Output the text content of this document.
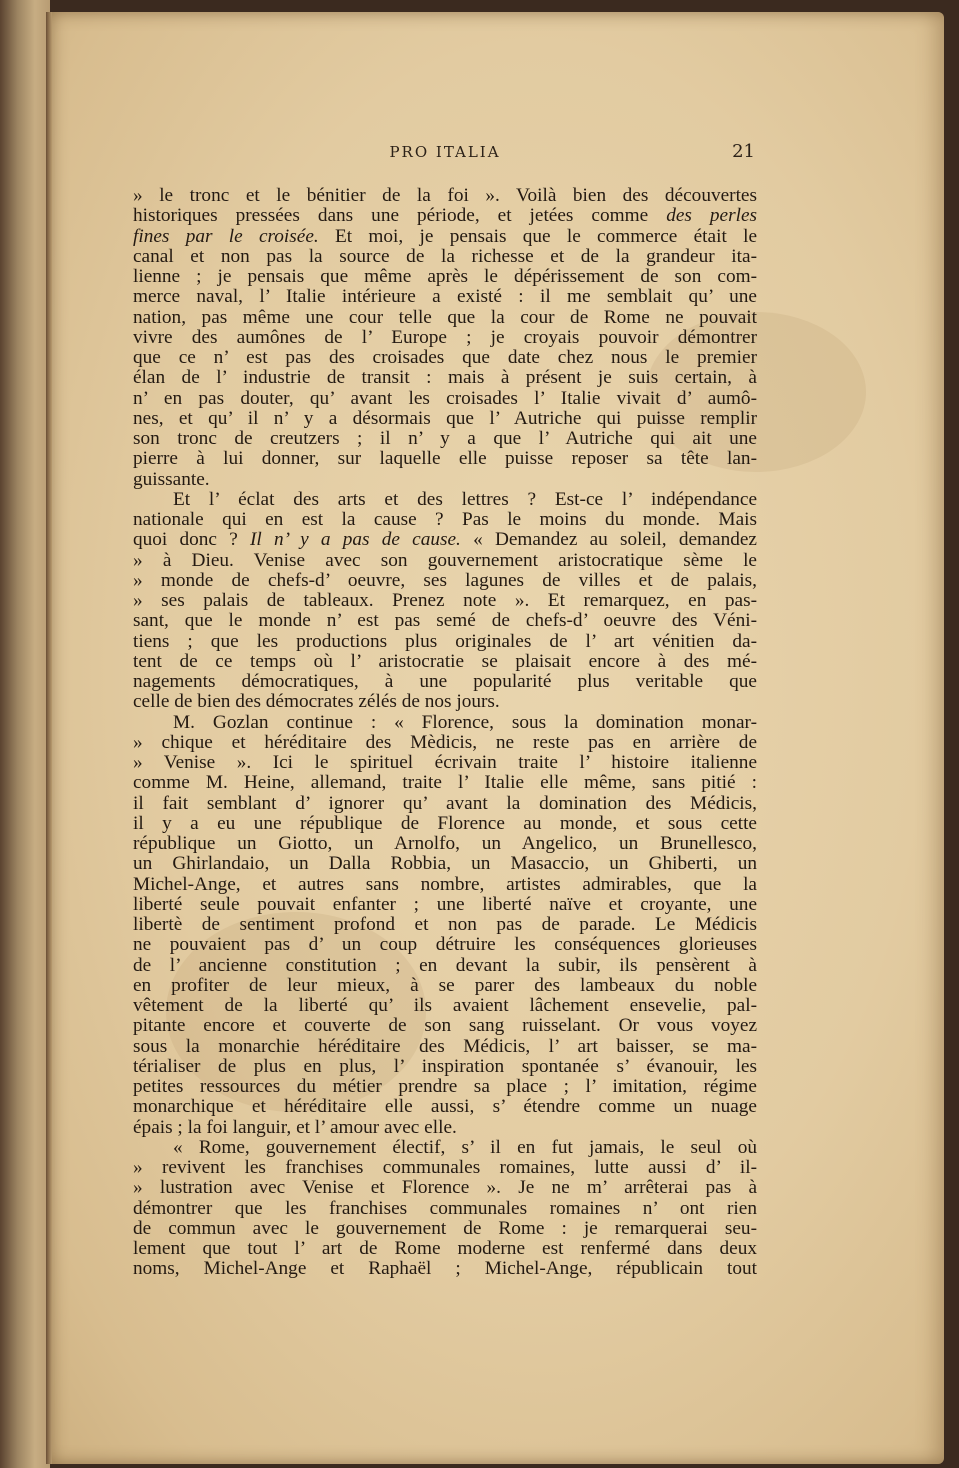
PRO ITALIA	21
» le tronc et le bénitier de la foi ». Voilà bien des découvertes
historiques pressées dans une période, et jetées comme des perles
fines par le croisée. Et moi, je pensais que le commerce était le
canal et non pas la source de la richesse et de la grandeur ita-
lienne ; je pensais que même après le dépérissement de son com-
merce naval, l’ Italie intérieure a existé : il me semblait qu’ une
nation, pas même une cour telle que la cour de Rome ne pouvait
vivre des aumônes de l’ Europe ; je croyais pouvoir démontrer
que ce n’ est pas des croisades que date chez nous le premier
élan de l’ industrie de transit : mais à présent je suis certain, à
n’ en pas douter, qu’ avant les croisades l’ Italie vivait d’ aumô-
nes, et qu’ il n’ y a désormais que l’ Autriche qui puisse remplir
son tronc de creutzers ; il n’ y a que l’ Autriche qui ait une
pierre à lui donner, sur laquelle elle puisse reposer sa tête lan-
guissante.
Et l’ éclat des arts et des lettres ? Est-ce l’ indépendance
nationale qui en est la cause ? Pas le moins du monde. Mais
quoi donc ? Il n’ y a pas de cause. « Demandez au soleil, demandez
» à Dieu. Venise avec son gouvernement aristocratique sème le
» monde de chefs-d’ oeuvre, ses lagunes de villes et de palais,
» ses palais de tableaux. Prenez note ». Et remarquez, en pas-
sant, que le monde n’ est pas semé de chefs-d’ oeuvre des Véni-
tiens ; que les productions plus originales de l’ art vénitien da-
tent de ce temps où l’ aristocratie se plaisait encore à des mé-
nagements démocratiques, à une popularité plus veritable que
celle de bien des démocrates zélés de nos jours.
M. Gozlan continue : « Florence, sous la domination monar-
» chique et héréditaire des Mèdicis, ne reste pas en arrière de
» Venise ». Ici le spirituel écrivain traite l’ histoire italienne
comme M. Heine, allemand, traite l’ Italie elle même, sans pitié :
il fait semblant d’ ignorer qu’ avant la domination des Médicis,
il y a eu une république de Florence au monde, et sous cette
république un Giotto, un Arnolfo, un Angelico, un Brunellesco,
un Ghirlandaio, un Dalla Robbia, un Masaccio, un Ghiberti, un
Michel-Ange, et autres sans nombre, artistes admirables, que la
liberté seule pouvait enfanter ; une liberté naïve et croyante, une
libertè de sentiment profond et non pas de parade. Le Médicis
ne pouvaient pas d’ un coup détruire les conséquences glorieuses
de l’ ancienne constitution ; en devant la subir, ils pensèrent à
en profiter de leur mieux, à se parer des lambeaux du noble
vêtement de la liberté qu’ ils avaient lâchement ensevelie, pal-
pitante encore et couverte de son sang ruisselant. Or vous voyez
sous la monarchie héréditaire des Médicis, l’ art baisser, se ma-
térialiser de plus en plus, l’ inspiration spontanée s’ évanouir, les
petites ressources du métier prendre sa place ; l’ imitation, régime
monarchique et héréditaire elle aussi, s’ étendre comme un nuage
épais ; la foi languir, et l’ amour avec elle.
« Rome, gouvernement électif, s’ il en fut jamais, le seul où
» revivent les franchises communales romaines, lutte aussi d’ il-
» lustration avec Venise et Florence ». Je ne m’ arrêterai pas à
démontrer que les franchises communales romaines n’ ont rien
de commun avec le gouvernement de Rome : je remarquerai seu-
lement que tout l’ art de Rome moderne est renfermé dans deux
noms, Michel-Ange et Raphaël ; Michel-Ange, républicain tout
